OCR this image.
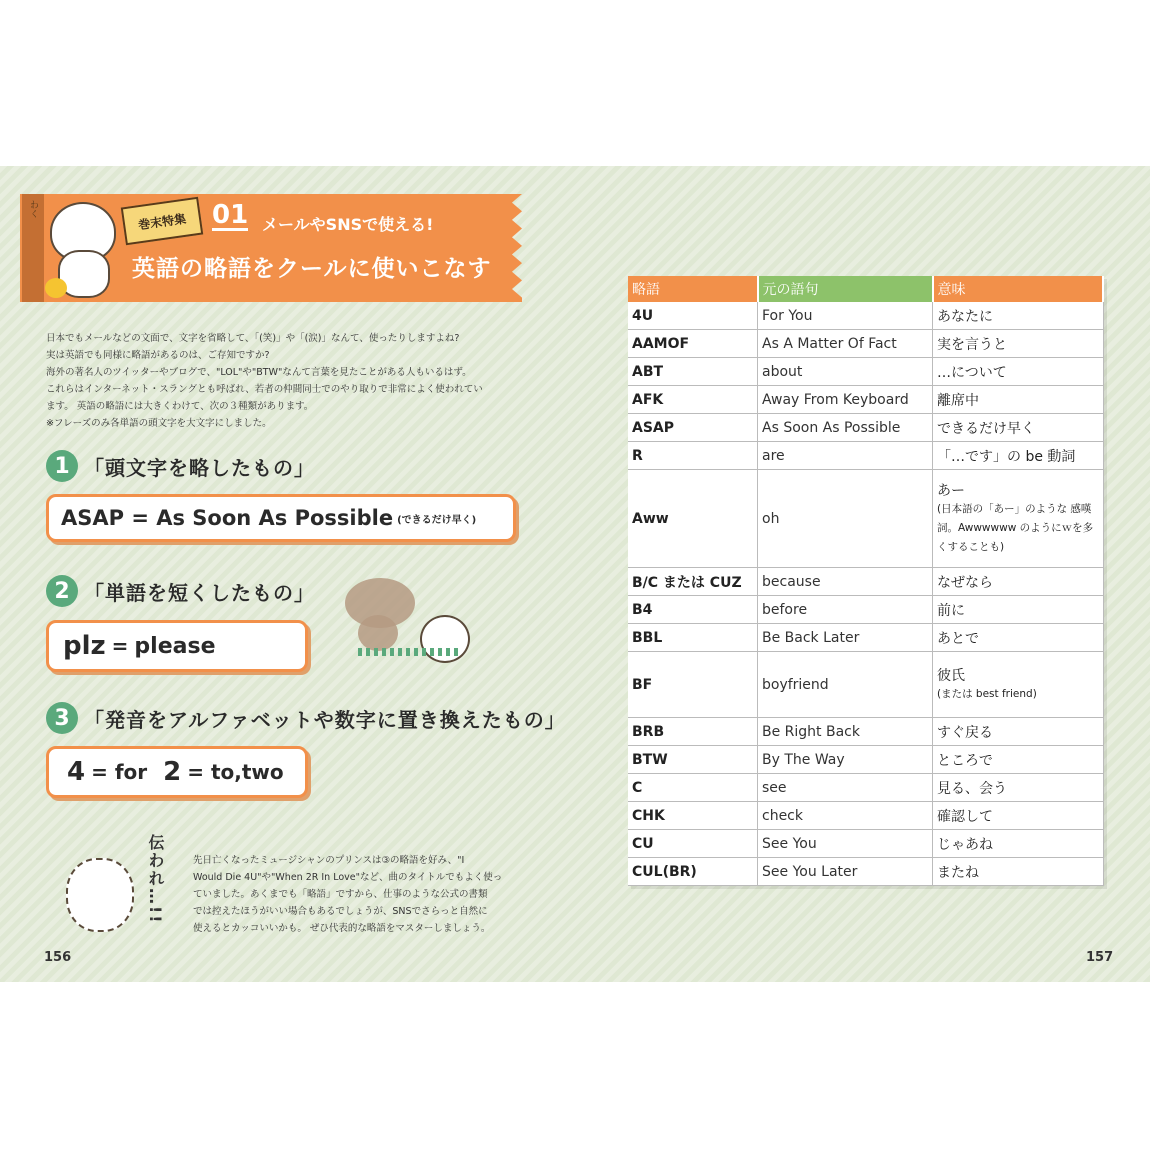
わく
巻末特集 01 メールやSNSで使える!
英語の略語をクールに使いこなす
日本でもメールなどの文面で、文字を省略して、「(笑)」や「(涙)」なんて、使ったりしますよね?
実は英語でも同様に略語があるのは、ご存知ですか?
海外の著名人のツイッターやブログで、"LOL"や"BTW"なんて言葉を見たことがある人もいるはず。
これらはインターネット・スラングとも呼ばれ、若者の仲間同士でのやり取りで非常によく使われてい
ます。 英語の略語には大きくわけて、次の３種類があります。
※フレーズのみ各単語の頭文字を大文字にしました。
1 「頭文字を略したもの」
ASAP = As Soon As Possible (できるだけ早く)
2 「単語を短くしたもの」
plz = please
3 「発音をアルファベットや数字に置き換えたもの」
4 = for 2 = to,two
伝われ…!!	先日亡くなったミュージシャンのプリンスは③の略語を好み、"I
Would Die 4U"や"When 2R In Love"など、曲のタイトルでもよく使っ
ていました。あくまでも「略語」ですから、仕事のような公式の書類
では控えたほうがいい場合もあるでしょうが、SNSでさらっと自然に
使えるとカッコいいかも。 ぜひ代表的な略語をマスターしましょう。
156	157
略語	元の語句	意味
4U	For You	あなたに

AAMOF	As A Matter Of Fact	実を言うと

ABT	about	…について

AFK	Away From Keyboard	離席中

ASAP	As Soon As Possible	できるだけ早く

R	are	「…です」の be 動詞

Aww	oh	あー
(日本語の「あー」のような 感嘆詞。Awwwwww のようにｗを多くすることも)

B/C または CUZ	because	なぜなら

B4	before	前に

BBL	Be Back Later	あとで

BF	boyfriend	彼氏
(または best friend)

BRB	Be Right Back	すぐ戻る

BTW	By The Way	ところで

C	see	見る、会う

CHK	check	確認して

CU	See You	じゃあね

CUL(BR)	See You Later	またね
